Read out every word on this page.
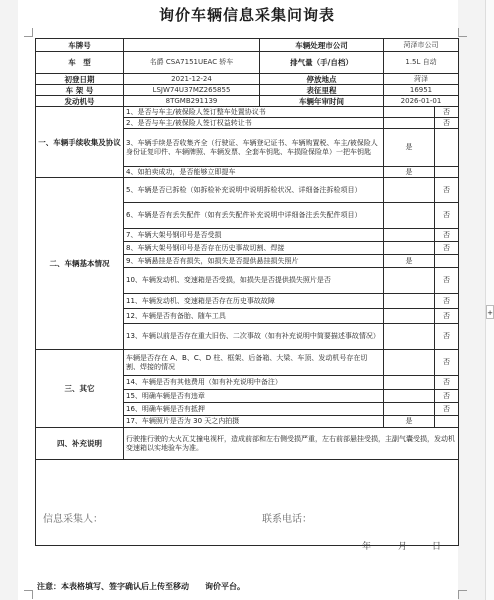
询价车辆信息采集问询表
车牌号		车辆处理市公司	菏泽市公司	
车　型	名爵 CSA7151UEAC 轿车	排气量（手/自档）	1.5L 自动	
初登日期	2021-12-24	停放地点	菏泽	
车 架 号	LSJW74U37MZ265855	表征里程	16951	
发动机号	8TGMB291139	车辆年审时间	2026-01-01	
一、车辆手续收集及协议	1、是否与车主/被保险人签订整车处置协议书			否
	2、是否与车主/被保险人签订权益转让书			否
	3、车辆手续是否收集齐全（行驶证、车辆登记证书、车辆购置税、车主/被保险人身份证复印件、车辆牌照、车辆发票、全套车钥匙、车损险保险单）一把车钥匙		是	
	4、如拍卖成功，是否能够立即提车		是	
二、车辆基本情况	5、车辆是否已拆检（如拆检补充说明中说明拆检状况、详细备注拆检项目）			否
	6、车辆是否有丢失配件（如有丢失配件补充说明中详细备注丢失配件项目）			否
	7、车辆大架号钢印号是否受损			否
	8、车辆大架号钢印号是否存在历史事故切割、焊接			否
	9、车辆悬挂是否有损失，如损失是否提供悬挂损失照片		是	
	10、车辆发动机、变速箱是否受损，如损失是否提供损失照片是否			否
	11、车辆发动机、变速箱是否存在历史事故故障			否
	12、车辆是否有备胎、随车工具			否
	13、车辆以前是否存在重大旧伤、二次事故（如有补充说明中简要描述事故情况）			否
三、其它	车辆是否存在 A、B、C、D 柱、框架、后备箱、大梁、车顶、发动机号存在切割、焊接的情况			否
	14、车辆是否有其他费用（如有补充说明中备注）			否
	15、明确车辆是否有违章			否
	16、明确车辆是否有抵押			否
	17、车辆照片是否为 30 天之内拍摄		是	
四、补充说明	行驶推行驶的大火瓦艾撞电视杆，造成前部和左右侧受损严重，左右前部悬挂受损，主副气囊受损，发动机变速箱以实地验车为准。			

信息采集人：	联系电话：
年	月	日
注意：本表格填写、签字确认后上传至移动　　询价平台。
+
